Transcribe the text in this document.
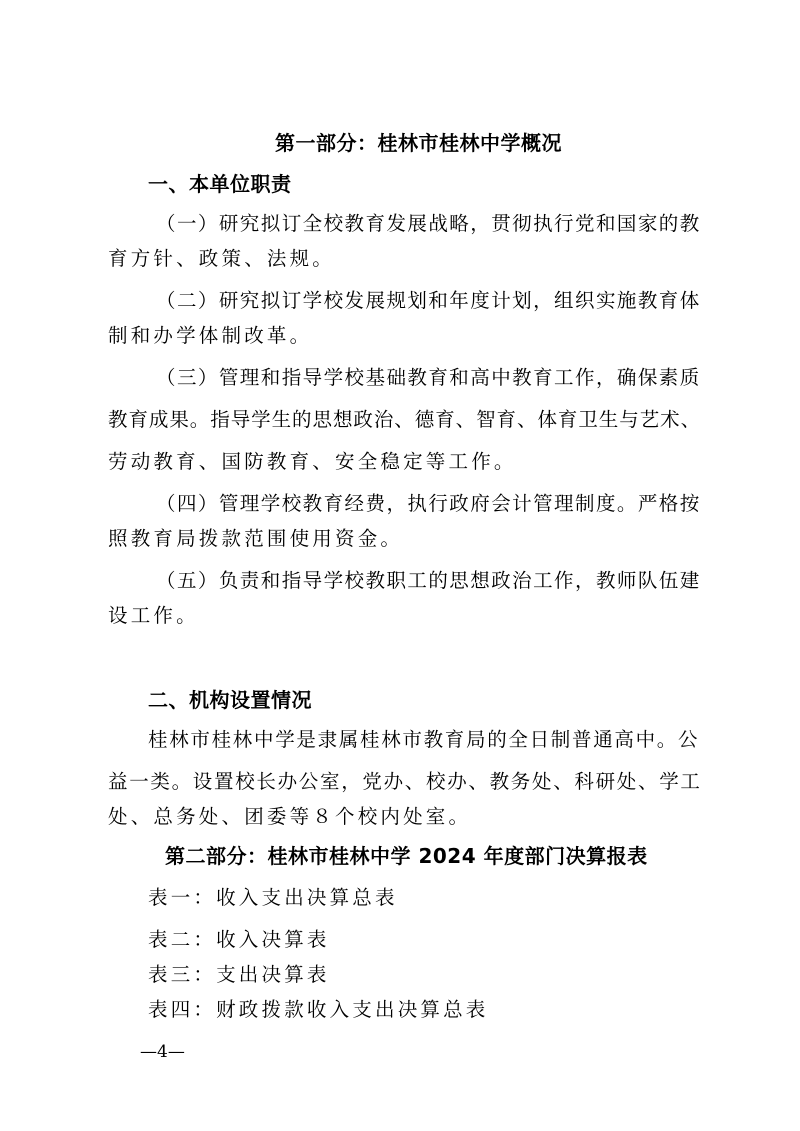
第一部分：桂林市桂林中学概况
一、本单位职责
（一）研究拟订全校教育发展战略，贯彻执行党和国家的教
育方针、政策、法规。
（二）研究拟订学校发展规划和年度计划，组织实施教育体
制和办学体制改革。
（三）管理和指导学校基础教育和高中教育工作，确保素质
教育成果。指导学生的思想政治、德育、智育、体育卫生与艺术、
劳动教育、国防教育、安全稳定等工作。
（四）管理学校教育经费，执行政府会计管理制度。严格按
照教育局拨款范围使用资金。
（五）负责和指导学校教职工的思想政治工作，教师队伍建
设工作。
二、机构设置情况
桂林市桂林中学是隶属桂林市教育局的全日制普通高中。公
益一类。设置校长办公室，党办、校办、教务处、科研处、学工
处、总务处、团委等８个校内处室。
第二部分：桂林市桂林中学 2024 年度部门决算报表
表一：收入支出决算总表
表二：收入决算表
表三：支出决算表
表四：财政拨款收入支出决算总表
—4—
